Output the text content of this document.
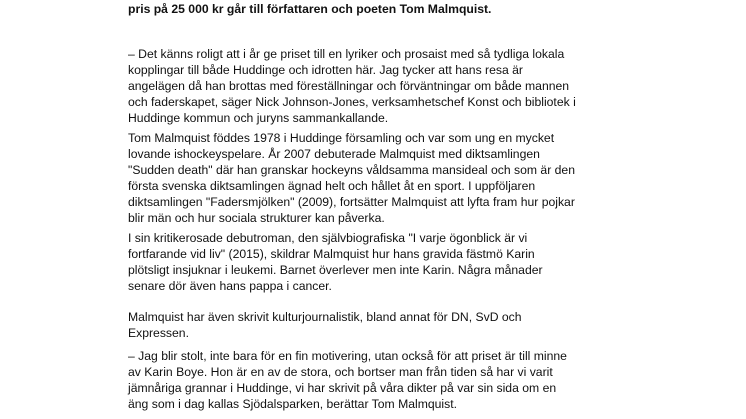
pris på 25 000 kr går till författaren och poeten Tom Malmquist.
– Det känns roligt att i år ge priset till en lyriker och prosaist med så tydliga lokala
kopplingar till både Huddinge och idrotten här. Jag tycker att hans resa är
angelägen då han brottas med föreställningar och förväntningar om både mannen
och faderskapet, säger Nick Johnson-Jones, verksamhetschef Konst och bibliotek i
Huddinge kommun och juryns sammankallande.
Tom Malmquist föddes 1978 i Huddinge församling och var som ung en mycket
lovande ishockeyspelare. År 2007 debuterade Malmquist med diktsamlingen
"Sudden death" där han granskar hockeyns våldsamma mansideal och som är den
första svenska diktsamlingen ägnad helt och hållet åt en sport. I uppföljaren
diktsamlingen "Fadersmjölken" (2009), fortsätter Malmquist att lyfta fram hur pojkar
blir män och hur sociala strukturer kan påverka.
I sin kritikerosade debutroman, den självbiografiska "I varje ögonblick är vi
fortfarande vid liv" (2015), skildrar Malmquist hur hans gravida fästmö Karin
plötsligt insjuknar i leukemi. Barnet överlever men inte Karin. Några månader
senare dör även hans pappa i cancer.
Malmquist har även skrivit kulturjournalistik, bland annat för DN, SvD och
Expressen.
– Jag blir stolt, inte bara för en fin motivering, utan också för att priset är till minne
av Karin Boye. Hon är en av de stora, och bortser man från tiden så har vi varit
jämnåriga grannar i Huddinge, vi har skrivit på våra dikter på var sin sida om en
äng som i dag kallas Sjödalsparken, berättar Tom Malmquist.
